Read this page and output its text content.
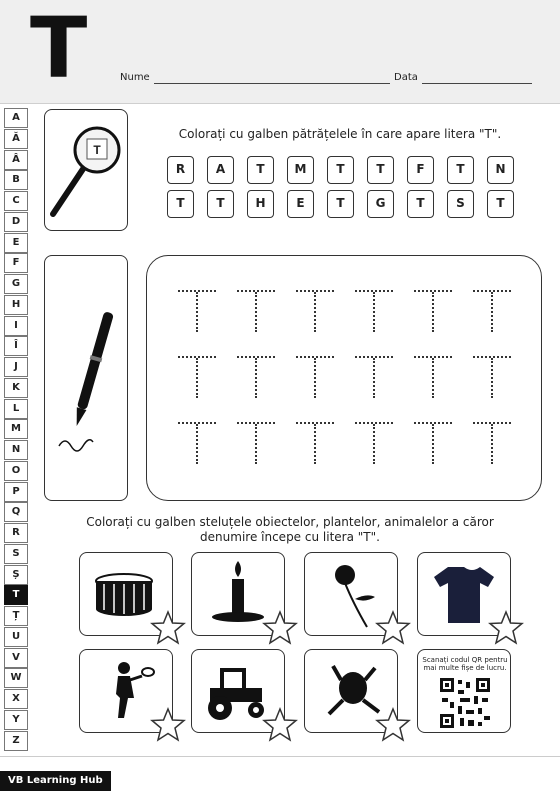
T	Nume	Data
A
Ă
Â
B
C
D
E
F
G
H
I
Î
J
K
L
M
N
O
P
Q
R
S
Ș
T
Ț
U
V
W
X
Y
Z
T
Colorați cu galben pătrățelele în care apare litera "T".
R	A	T	M	T	T	F	T	N
T	T	H	E	T	G	T	S	T
Colorați cu galben steluțele obiectelor, plantelor, animalelor a căror denumire începe cu litera "T".
Scanați codul QR pentru mai multe fișe de lucru.
VB Learning Hub
